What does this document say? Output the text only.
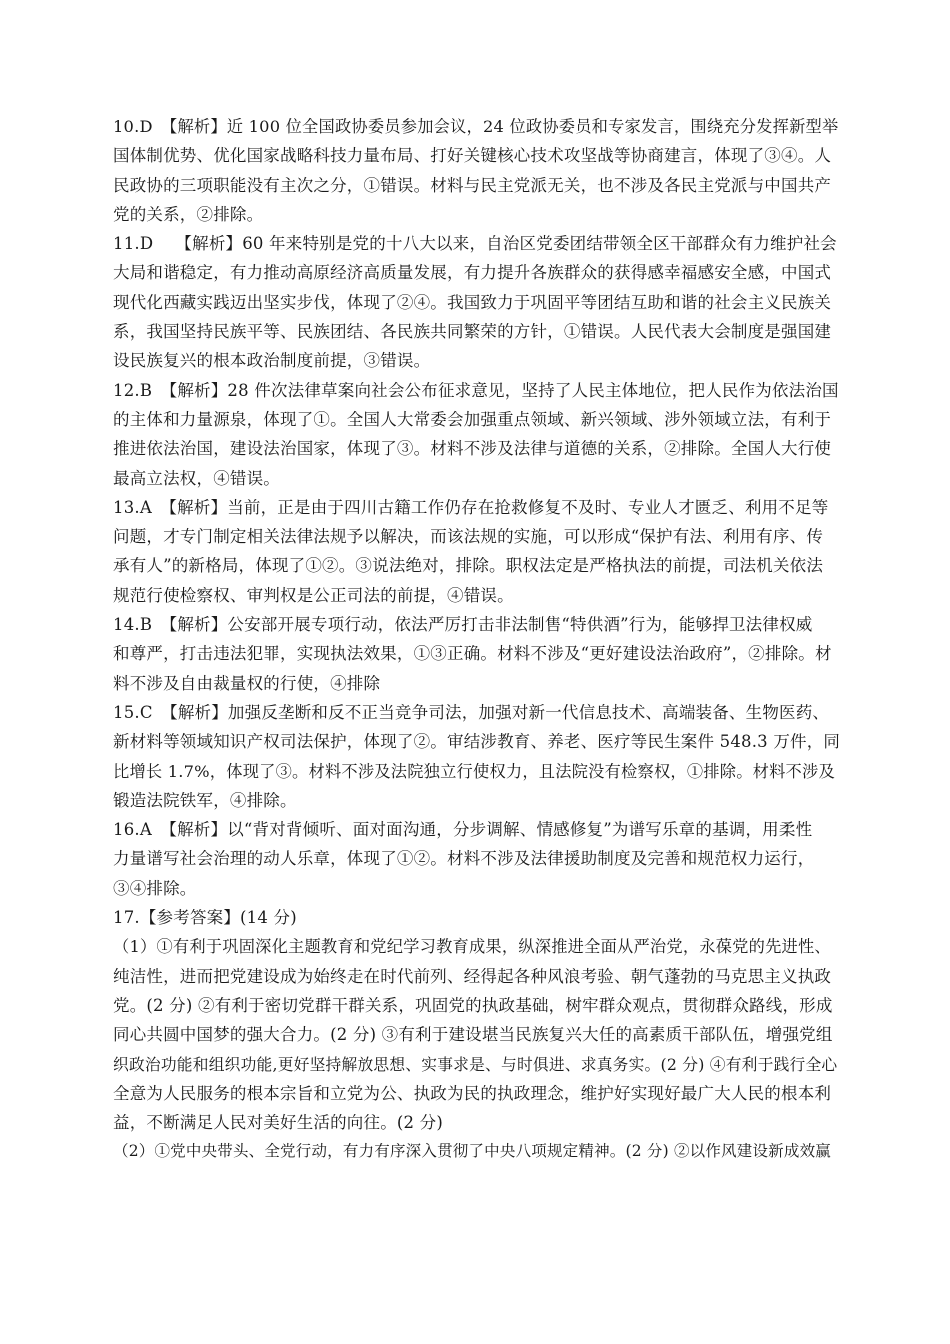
10.D　【解析】近 100 位全国政协委员参加会议，24 位政协委员和专家发言，围绕充分发挥新型举
国体制优势、优化国家战略科技力量布局、打好关键核心技术攻坚战等协商建言，体现了③④。人
民政协的三项职能没有主次之分，①错误。材料与民主党派无关，也不涉及各民主党派与中国共产
党的关系，②排除。
11.D　 【解析】60 年来特别是党的十八大以来，自治区党委团结带领全区干部群众有力维护社会
大局和谐稳定，有力推动高原经济高质量发展，有力提升各族群众的获得感幸福感安全感，中国式
现代化西藏实践迈出坚实步伐，体现了②④。我国致力于巩固平等团结互助和谐的社会主义民族关
系，我国坚持民族平等、民族团结、各民族共同繁荣的方针，①错误。人民代表大会制度是强国建
设民族复兴的根本政治制度前提，③错误。
12.B　【解析】28 件次法律草案向社会公布征求意见，坚持了人民主体地位，把人民作为依法治国
的主体和力量源泉，体现了①。全国人大常委会加强重点领域、新兴领域、涉外领域立法，有利于
推进依法治国，建设法治国家，体现了③。材料不涉及法律与道德的关系，②排除。全国人大行使
最高立法权，④错误。
13.A　【解析】当前，正是由于四川古籍工作仍存在抢救修复不及时、专业人才匮乏、利用不足等
问题，才专门制定相关法律法规予以解决，而该法规的实施，可以形成“保护有法、利用有序、传
承有人”的新格局，体现了①②。③说法绝对，排除。职权法定是严格执法的前提，司法机关依法
规范行使检察权、审判权是公正司法的前提，④错误。
14.B　【解析】公安部开展专项行动，依法严厉打击非法制售“特供酒”行为，能够捍卫法律权威
和尊严，打击违法犯罪，实现执法效果，①③正确。材料不涉及“更好建设法治政府”，②排除。材
料不涉及自由裁量权的行使，④排除
15.C　【解析】加强反垄断和反不正当竞争司法，加强对新一代信息技术、高端装备、生物医药、
新材料等领域知识产权司法保护，体现了②。审结涉教育、养老、医疗等民生案件 548.3 万件，同
比增长 1.7%，体现了③。材料不涉及法院独立行使权力，且法院没有检察权，①排除。材料不涉及
锻造法院铁军，④排除。
16.A　【解析】以“背对背倾听、面对面沟通，分步调解、情感修复”为谱写乐章的基调，用柔性
力量谱写社会治理的动人乐章，体现了①②。材料不涉及法律援助制度及完善和规范权力运行，
③④排除。
17.【参考答案】(14 分)
（1）①有利于巩固深化主题教育和党纪学习教育成果，纵深推进全面从严治党，永葆党的先进性、
纯洁性，进而把党建设成为始终走在时代前列、经得起各种风浪考验、朝气蓬勃的马克思主义执政
党。(2 分) ②有利于密切党群干群关系，巩固党的执政基础，树牢群众观点，贯彻群众路线，形成
同心共圆中国梦的强大合力。(2 分) ③有利于建设堪当民族复兴大任的高素质干部队伍，增强党组
织政治功能和组织功能,更好坚持解放思想、实事求是、与时俱进、求真务实。(2 分) ④有利于践行全心
全意为人民服务的根本宗旨和立党为公、执政为民的执政理念，维护好实现好最广大人民的根本利
益，不断满足人民对美好生活的向往。(2 分)
（2）①党中央带头、全党行动，有力有序深入贯彻了中央八项规定精神。(2 分) ②以作风建设新成效赢
